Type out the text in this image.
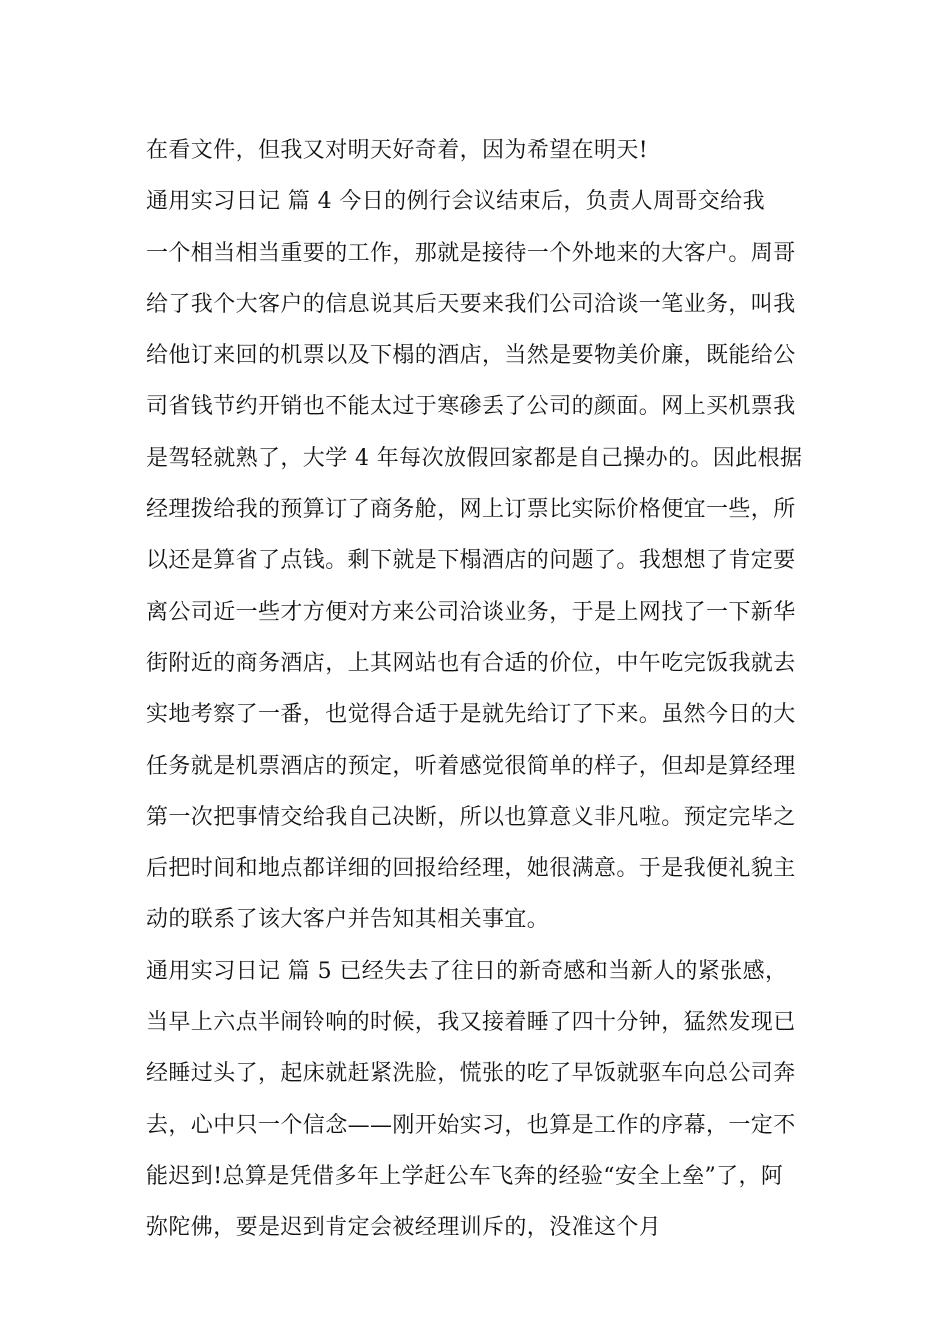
在看文件，但我又对明天好奇着，因为希望在明天!
通用实习日记 篇 4 今日的例行会议结束后，负责人周哥交给我
一个相当相当重要的工作，那就是接待一个外地来的大客户。周哥
给了我个大客户的信息说其后天要来我们公司洽谈一笔业务，叫我
给他订来回的机票以及下榻的酒店，当然是要物美价廉，既能给公
司省钱节约开销也不能太过于寒碜丢了公司的颜面。网上买机票我
是驾轻就熟了，大学 4 年每次放假回家都是自己操办的。因此根据
经理拨给我的预算订了商务舱，网上订票比实际价格便宜一些，所
以还是算省了点钱。剩下就是下榻酒店的问题了。我想想了肯定要
离公司近一些才方便对方来公司洽谈业务，于是上网找了一下新华
街附近的商务酒店，上其网站也有合适的价位，中午吃完饭我就去
实地考察了一番，也觉得合适于是就先给订了下来。虽然今日的大
任务就是机票酒店的预定，听着感觉很简单的样子，但却是算经理
第一次把事情交给我自己决断，所以也算意义非凡啦。预定完毕之
后把时间和地点都详细的回报给经理，她很满意。于是我便礼貌主
动的联系了该大客户并告知其相关事宜。
通用实习日记 篇 5 已经失去了往日的新奇感和当新人的紧张感，
当早上六点半闹铃响的时候，我又接着睡了四十分钟，猛然发现已
经睡过头了，起床就赶紧洗脸，慌张的吃了早饭就驱车向总公司奔
去，心中只一个信念——刚开始实习，也算是工作的序幕，一定不
能迟到!总算是凭借多年上学赶公车飞奔的经验“安全上垒”了，阿
弥陀佛，要是迟到肯定会被经理训斥的，没准这个月
